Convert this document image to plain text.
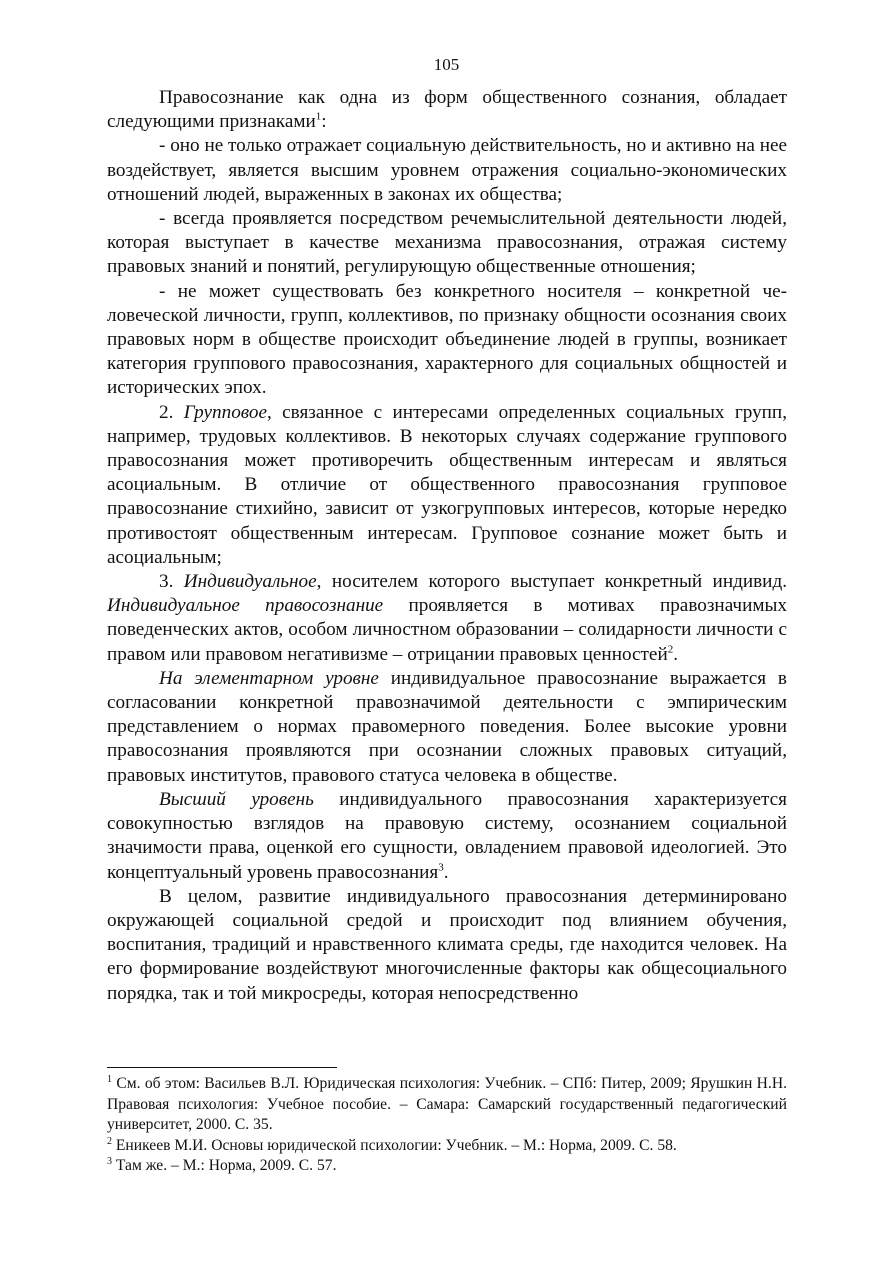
105

Правосознание как одна из форм общественного сознания, обладает следующими признаками$^1$:

- оно не только отражает социальную действительность, но и активно на нее воздействует, является высшим уровнем отражения социально-экономических отношений людей, выраженных в законах их общества;

- всегда проявляется посредством речемыслительной деятельности людей, которая выступает в качестве механизма правосознания, отражая систему правовых знаний и понятий, регулирующую общественные отношения;

- не может существовать без конкретного носителя – конкретной человеческой личности, групп, коллективов, по признаку общности осознания своих правовых норм в обществе происходит объединение людей в группы, возникает категория группового правосознания, характерного для социальных общностей и исторических эпох.

2. Групповое, связанное с интересами определенных социальных групп, например, трудовых коллективов. В некоторых случаях содержание группового правосознания может противоречить общественным интересам и являться асоциальным. В отличие от общественного правосознания групповое правосознание стихийно, зависит от узкогрупповых интересов, которые нередко противостоят общественным интересам. Групповое сознание может быть и асоциальным;

3. Индивидуальное, носителем которого выступает конкретный индивид. Индивидуальное правосознание проявляется в мотивах правозначимых поведенческих актов, особом личностном образовании – солидарности личности с правом или правовом негативизме – отрицании правовых ценностей$^2$.

На элементарном уровне индивидуальное правосознание выражается в согласовании конкретной правозначимой деятельности с эмпирическим представлением о нормах правомерного поведения. Более высокие уровни правосознания проявляются при осознании сложных правовых ситуаций, правовых институтов, правового статуса человека в обществе.

Высший уровень индивидуального правосознания характеризуется совокупностью взглядов на правовую систему, осознанием социальной значимости права, оценкой его сущности, овладением правовой идеологией. Это концептуальный уровень правосознания$^3$.

В целом, развитие индивидуального правосознания детерминировано окружающей социальной средой и происходит под влиянием обучения, воспитания, традиций и нравственного климата среды, где находится человек. На его формирование воздействуют многочисленные факторы как общесоциального порядка, так и той микросреды, которая непосредственно

$^1$ См. об этом: Васильев В.Л. Юридическая психология: Учебник. – СПб: Питер, 2009; Ярушкин Н.Н. Правовая психология: Учебное пособие. – Самара: Самарский государственный педагогический университет, 2000. С. 35.

$^2$ Еникеев М.И. Основы юридической психологии: Учебник. – М.: Норма, 2009. С. 58.

$^3$ Там же. – М.: Норма, 2009. С. 57.
